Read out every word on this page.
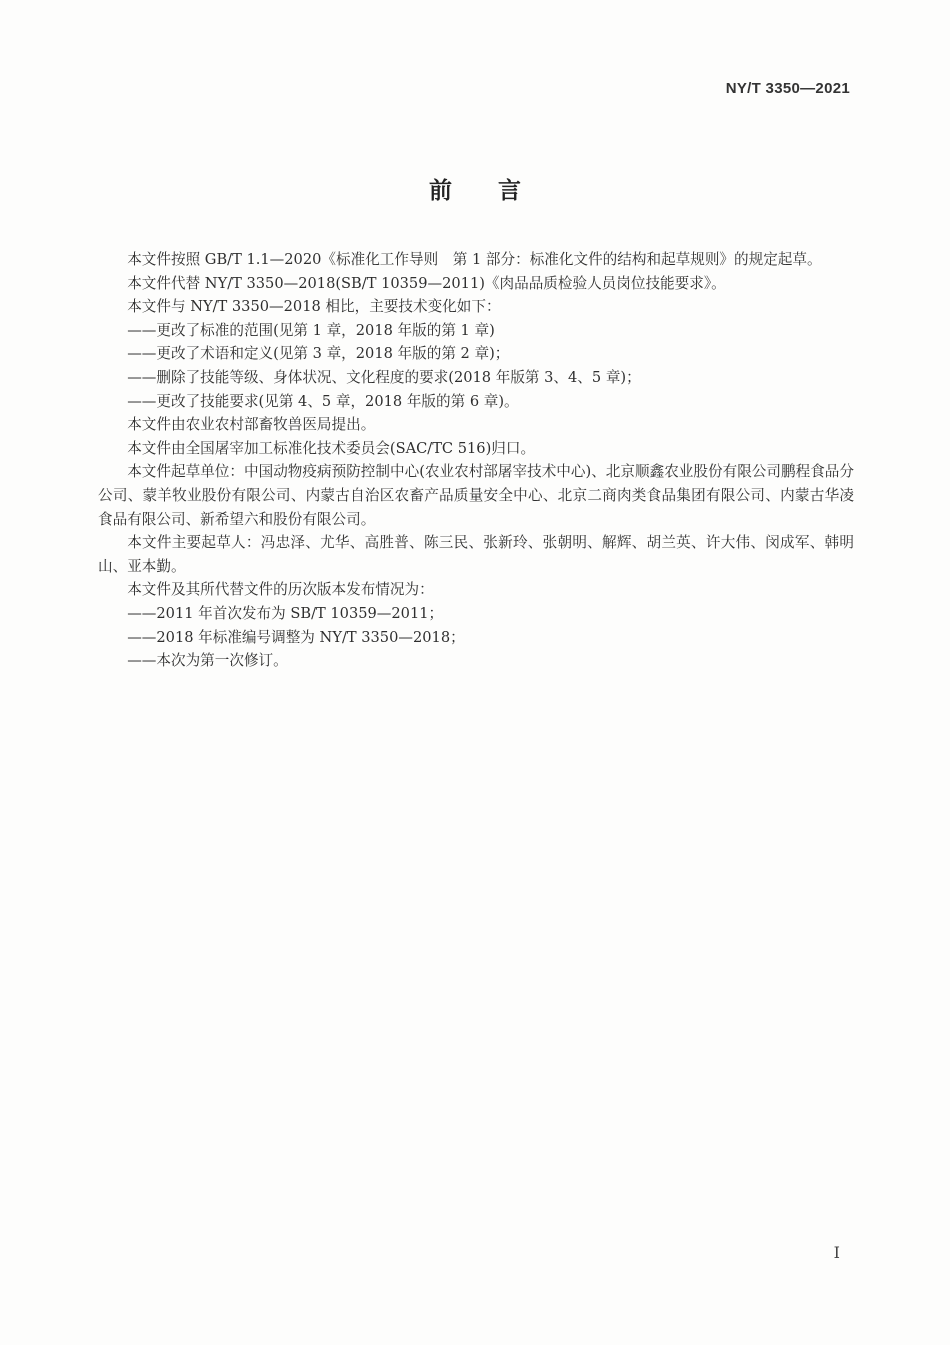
NY/T 3350—2021
前言

本文件按照 GB/T 1.1—2020《标准化工作导则　第 1 部分：标准化文件的结构和起草规则》的规定起草。

本文件代替 NY/T 3350—2018(SB/T 10359—2011)《肉品品质检验人员岗位技能要求》。

本文件与 NY/T 3350—2018 相比，主要技术变化如下：

——更改了标准的范围(见第 1 章，2018 年版的第 1 章)

——更改了术语和定义(见第 3 章，2018 年版的第 2 章)；

——删除了技能等级、身体状况、文化程度的要求(2018 年版第 3、4、5 章)；

——更改了技能要求(见第 4、5 章，2018 年版的第 6 章)。

本文件由农业农村部畜牧兽医局提出。

本文件由全国屠宰加工标准化技术委员会(SAC/TC 516)归口。

本文件起草单位：中国动物疫病预防控制中心(农业农村部屠宰技术中心)、北京顺鑫农业股份有限公司鹏程食品分公司、蒙羊牧业股份有限公司、内蒙古自治区农畜产品质量安全中心、北京二商肉类食品集团有限公司、内蒙古华凌食品有限公司、新希望六和股份有限公司。

本文件主要起草人：冯忠泽、尤华、高胜普、陈三民、张新玲、张朝明、解辉、胡兰英、许大伟、闵成军、韩明山、亚本勤。

本文件及其所代替文件的历次版本发布情况为：

——2011 年首次发布为 SB/T 10359—2011；

——2018 年标准编号调整为 NY/T 3350—2018；

——本次为第一次修订。

I
